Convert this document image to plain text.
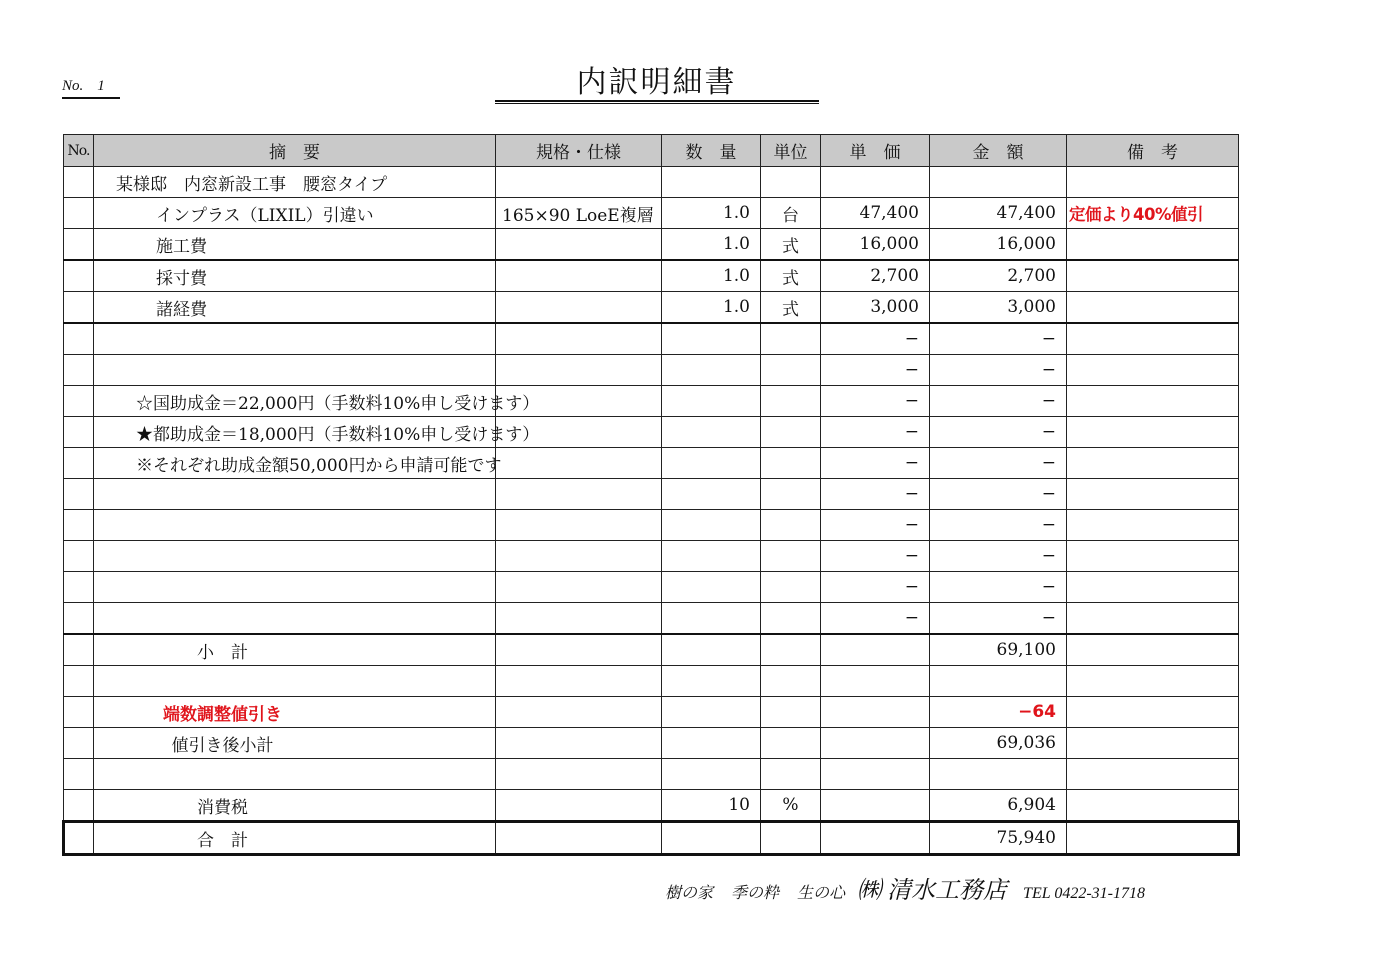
No. 1	内訳明細書
No.	摘　要	規格・仕様	数　量	単位	単　価	金　額	備　考
	某様邸　内窓新設工事　腰窓タイプ						
	インプラス（LIXIL）引違い	165×90 LoeE複層	1.0	台	47,400	47,400	定価より40%値引
	施工費		1.0	式	16,000	16,000	
	採寸費		1.0	式	2,700	2,700	
	諸経費		1.0	式	3,000	3,000	
					−	−	
					−	−	
	☆国助成金＝22,000円（手数料10%申し受けます）				−	−	
	★都助成金＝18,000円（手数料10%申し受けます）				−	−	
	※それぞれ助成金額50,000円から申請可能です				−	−	
					−	−	
					−	−	
					−	−	
					−	−	
					−	−	
	小　計					69,100	

	端数調整値引き					−64	
	値引き後小計					69,036	

	消費税		10	%		6,904	
	合　計					75,940	
樹の家 季の粋 生の心 ㈱ 清水工務店 TEL 0422-31-1718
